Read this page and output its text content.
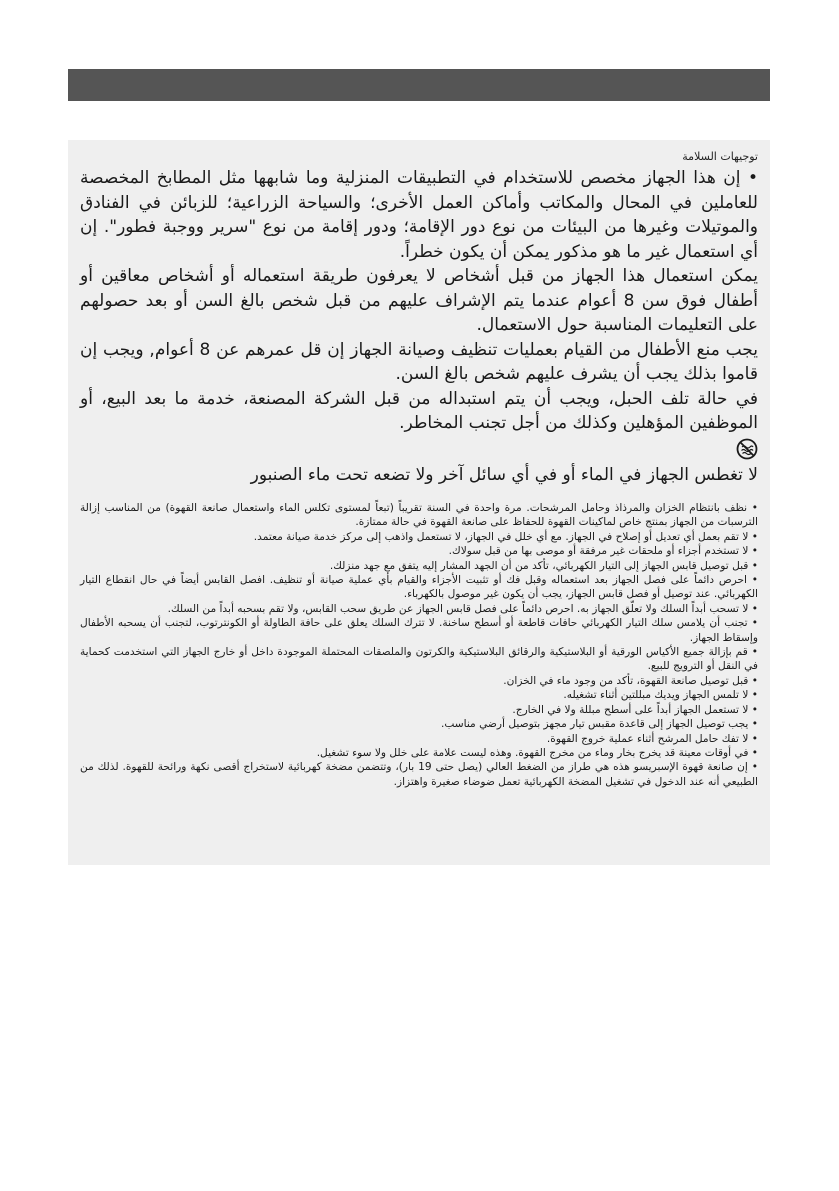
توجيهات السلامة

• إن هذا الجهاز مخصص للاستخدام في التطبيقات المنزلية وما شابهها مثل المطابخ المخصصة للعاملين في المحال والمكاتب وأماكن العمل الأخرى؛ والسياحة الزراعية؛ للزبائن في الفنادق والموتيلات وغيرها من البيئات من نوع دور الإقامة؛ ودور إقامة من نوع "سرير ووجبة فطور". إن أي استعمال غير ما هو مذكور يمكن أن يكون خطراً.

يمكن استعمال هذا الجهاز من قبل أشخاص لا يعرفون طريقة استعماله أو أشخاص معاقين أو أطفال فوق سن 8 أعوام عندما يتم الإشراف عليهم من قبل شخص بالغ السن أو بعد حصولهم على التعليمات المناسبة حول الاستعمال.

يجب منع الأطفال من القيام بعمليات تنظيف وصيانة الجهاز إن قل عمرهم عن 8 أعوام, ويجب إن قاموا بذلك يجب أن يشرف عليهم شخص بالغ السن.

في حالة تلف الحبل، ويجب أن يتم استبداله من قبل الشركة المصنعة، خدمة ما بعد البيع، أو الموظفين المؤهلين وكذلك من أجل تجنب المخاطر.

لا تغطس الجهاز في الماء أو في أي سائل آخر ولا تضعه تحت ماء الصنبور

• نظف بانتظام الخزان والمرذاذ وحامل المرشحات. مرة واحدة في السنة تقريباً (تبعاً لمستوى تكلس الماء واستعمال صانعة القهوة) من المناسب إزالة الترسبات من الجهاز بمنتج خاص لماكينات القهوة للحفاظ على صانعة القهوة في حالة ممتازة.
• لا تقم بعمل أي تعديل أو إصلاح في الجهاز. مع أي خلل في الجهاز، لا تستعمل واذهب إلى مركز خدمة صيانة معتمد.
• لا تستخدم أجزاء أو ملحقات غير مرفقة أو موصى بها من قبل سولاك.
• قبل توصيل قابس الجهاز إلى التيار الكهربائي، تأكد من أن الجهد المشار إليه يتفق مع جهد منزلك.
• احرص دائماً على فصل الجهاز بعد استعماله وقبل فك أو تثبيت الأجزاء والقيام بأي عملية صيانة أو تنظيف. افصل القابس أيضاً في حال انقطاع التيار الكهربائي. عند توصيل أو فصل قابس الجهاز، يجب أن يكون غير موصول بالكهرباء.
• لا تسحب أبداً السلك ولا تعلّق الجهاز به. احرص دائماً على فصل قابس الجهاز عن طريق سحب القابس، ولا تقم بسحبه أبداً من السلك.
• تجنب أن يلامس سلك التيار الكهربائي حافات قاطعة أو أسطح ساخنة. لا تترك السلك يعلق على حافة الطاولة أو الكونترتوب، لتجنب أن يسحبه الأطفال وإسقاط الجهاز.
• قم بإزالة جميع الأكياس الورقية أو البلاستيكية والرقائق البلاستيكية والكرتون والملصقات المحتملة الموجودة داخل أو خارج الجهاز التي استخدمت كحماية في النقل أو الترويج للبيع.
• قبل توصيل صانعة القهوة، تأكد من وجود ماء في الخزان.
• لا تلمس الجهاز ويديك مبللتين أثناء تشغيله.
• لا تستعمل الجهاز أبداً على أسطح مبللة ولا في الخارج.
• يجب توصيل الجهاز إلى قاعدة مقبس تيار مجهز بتوصيل أرضي مناسب.
• لا تفك حامل المرشح أثناء عملية خروج القهوة.
• في أوقات معينة قد يخرج بخار وماء من مخرج القهوة. وهذه ليست علامة على خلل ولا سوء تشغيل.
• إن صانعة قهوة الإسبريسو هذه هي طراز من الضغط العالي (يصل حتى 19 بار)، وتتضمن مضخة كهربائية لاستخراج أقصى نكهة ورائحة للقهوة. لذلك من الطبيعي أنه عند الدخول في تشغيل المضخة الكهربائية تعمل ضوضاء صغيرة واهتزاز.
